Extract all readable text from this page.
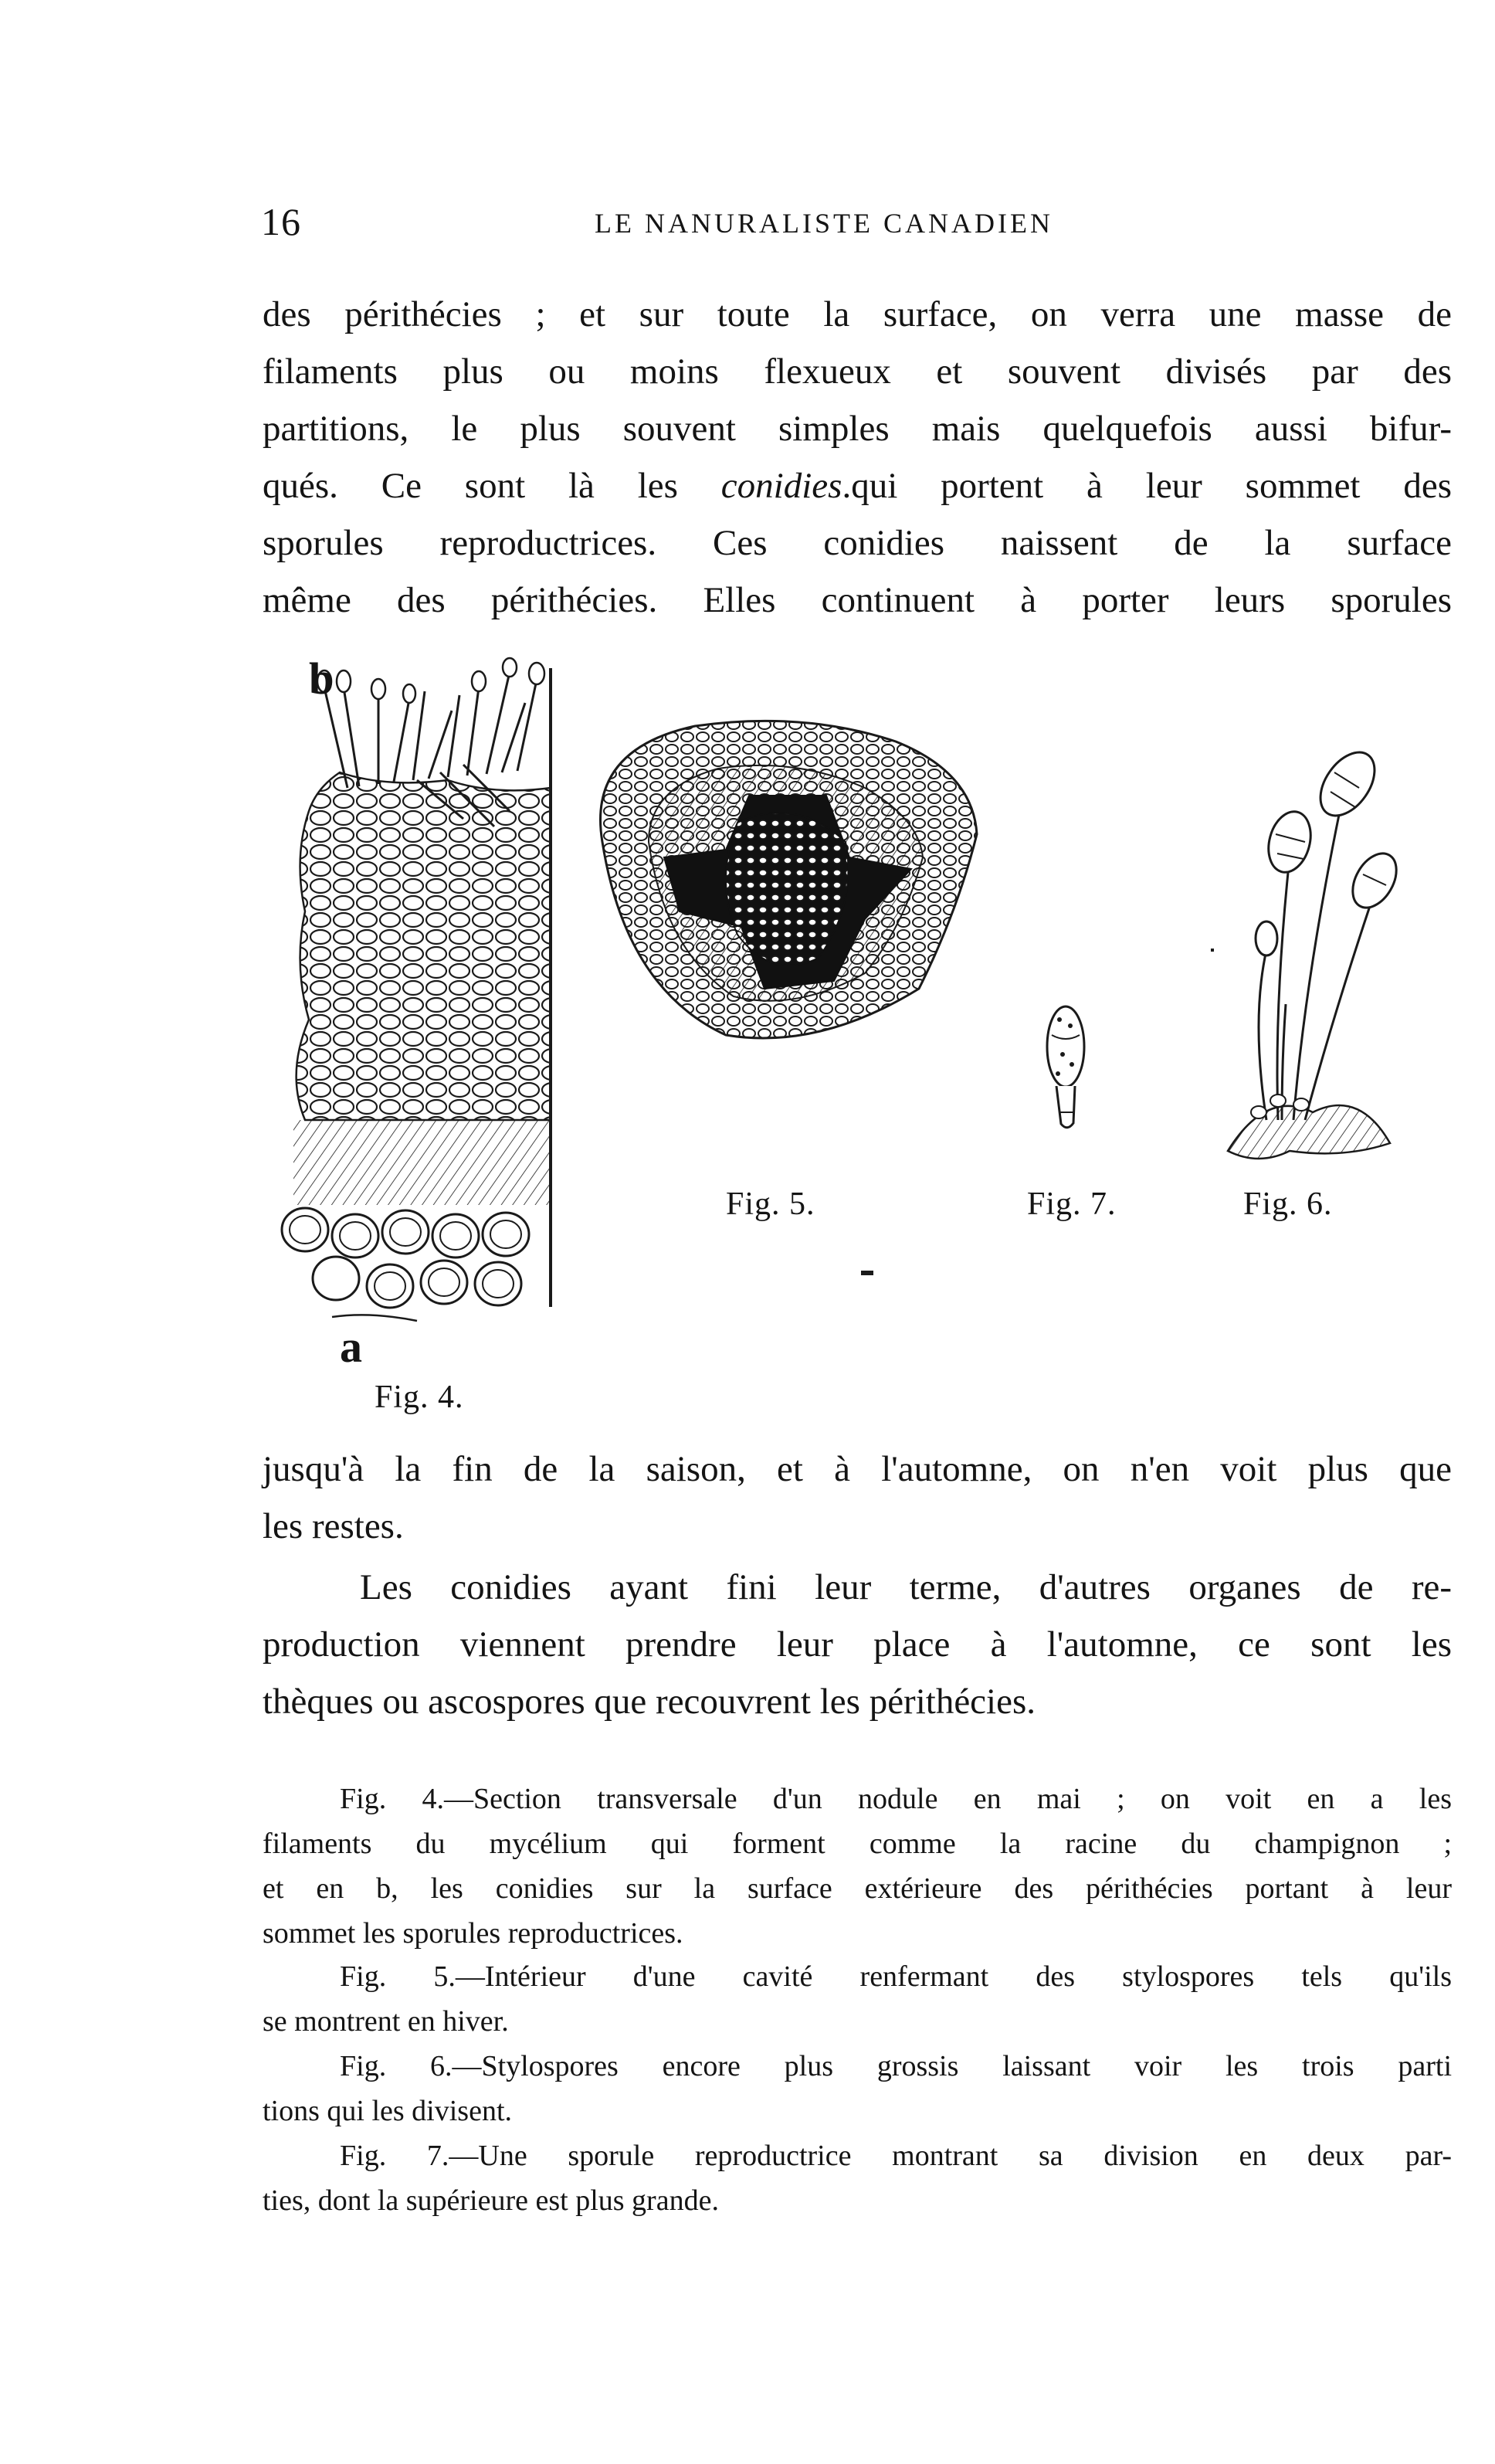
16	LE NANURALISTE CANADIEN
des périthécies ; et sur toute la surface, on verra une masse de
filaments plus ou moins flexueux et souvent divisés par des
partitions, le plus souvent simples mais quelquefois aussi bifur-
qués. Ce sont là les conidies.qui portent à leur sommet des
sporules reproductrices. Ces conidies naissent de la surface
même des périthécies. Elles continuent à porter leurs sporules
b
a
Fig. 4.
Fig. 5.	Fig. 7.	Fig. 6.
jusqu'à la fin de la saison, et à l'automne, on n'en voit plus que
les restes.
Les conidies ayant fini leur terme, d'autres organes de re-
production viennent prendre leur place à l'automne, ce sont les
thèques ou ascospores que recouvrent les périthécies.
Fig. 4.—Section transversale d'un nodule en mai ; on voit en a les
filaments du mycélium qui forment comme la racine du champignon ;
et en b, les conidies sur la surface extérieure des périthécies portant à leur
sommet les sporules reproductrices.
Fig. 5.—Intérieur d'une cavité renfermant des stylospores tels qu'ils
se montrent en hiver.
Fig. 6.—Stylospores encore plus grossis laissant voir les trois parti
tions qui les divisent.
Fig. 7.—Une sporule reproductrice montrant sa division en deux par-
ties, dont la supérieure est plus grande.
